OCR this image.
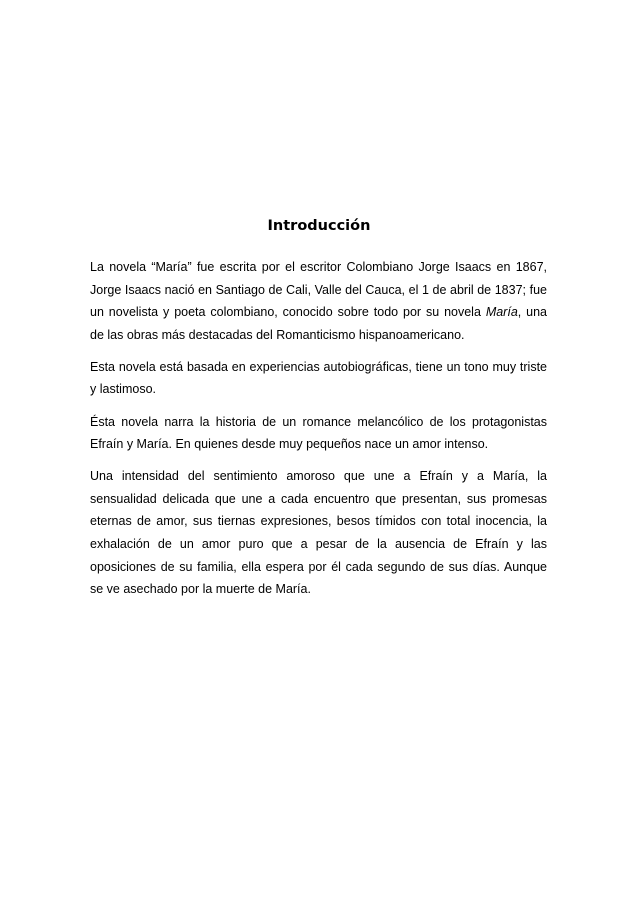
Introducción

La novela “María” fue escrita por el escritor Colombiano Jorge Isaacs en 1867, Jorge Isaacs nació en Santiago de Cali, Valle del Cauca, el 1 de abril de 1837; fue un novelista y poeta colombiano, conocido sobre todo por su novela María, una de las obras más destacadas del Romanticismo hispanoamericano.

Esta novela está basada en experiencias autobiográficas, tiene un tono muy triste y lastimoso.

Ésta novela narra la historia de un romance melancólico de los protagonistas Efraín y María. En quienes desde muy pequeños nace un amor intenso.

Una intensidad del sentimiento amoroso que une a Efraín y a María, la sensualidad delicada que une a cada encuentro que presentan, sus promesas eternas de amor, sus tiernas expresiones, besos tímidos con total inocencia, la exhalación de un amor puro que a pesar de la ausencia de Efraín y las oposiciones de su familia, ella espera por él cada segundo de sus días. Aunque se ve asechado por la muerte de María.
